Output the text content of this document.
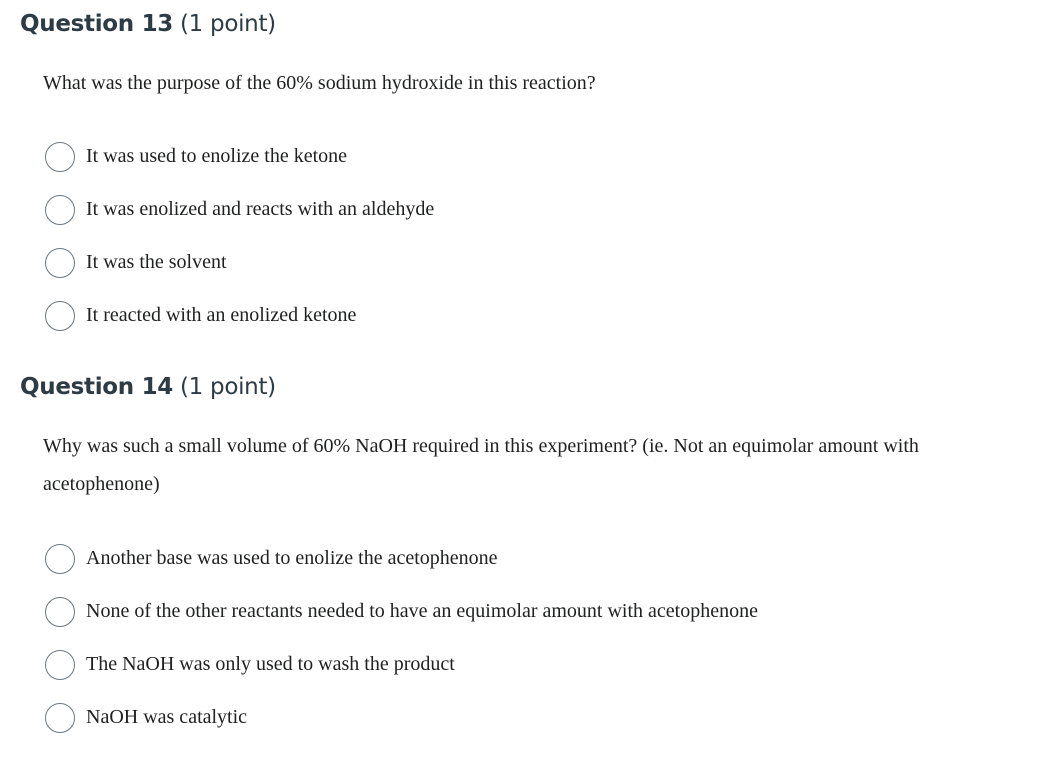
Question 13 (1 point)
What was the purpose of the 60% sodium hydroxide in this reaction?
It was used to enolize the ketone
It was enolized and reacts with an aldehyde
It was the solvent
It reacted with an enolized ketone
Question 14 (1 point)
Why was such a small volume of 60% NaOH required in this experiment? (ie. Not an equimolar amount with acetophenone)
Another base was used to enolize the acetophenone
None of the other reactants needed to have an equimolar amount with acetophenone
The NaOH was only used to wash the product
NaOH was catalytic
